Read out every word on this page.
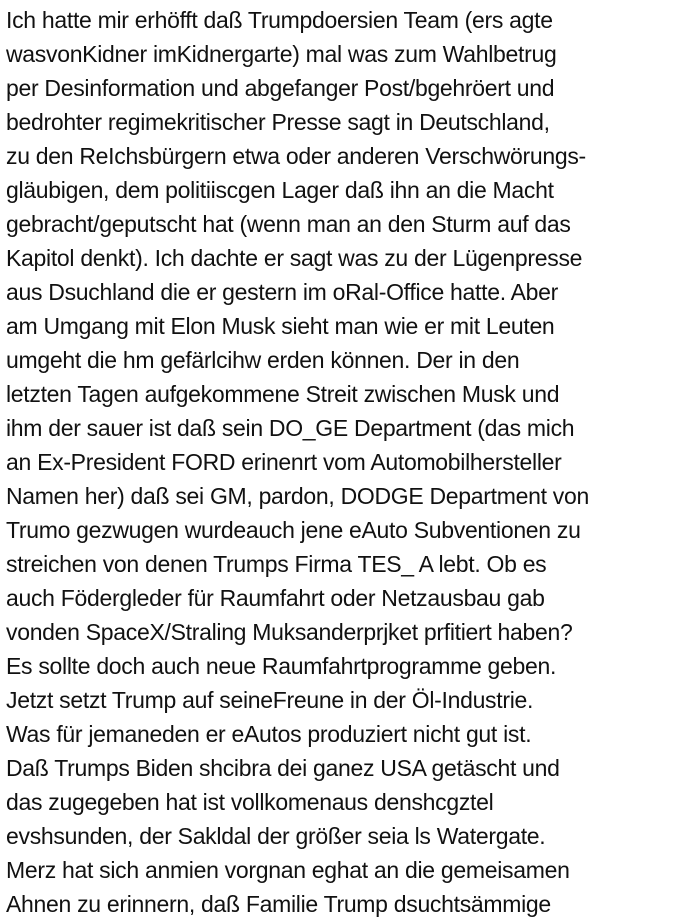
Ich hatte mir erhöfft daß Trumpdoersien Team (ers agte
wasvonKidner imKidnergarte) mal was zum Wahlbetrug
per Desinformation und abgefanger Post/bgehröert und
bedrohter regimekritischer Presse sagt in Deutschland,
zu den ReIchsbürgern etwa oder anderen Verschwörungs-
gläubigen, dem politiiscgen Lager daß ihn an die Macht
gebracht/geputscht hat (wenn man an den Sturm auf das
Kapitol denkt). Ich dachte er sagt was zu der Lügenpresse
aus Dsuchland die er gestern im oRal-Office hatte. Aber
am Umgang mit Elon Musk sieht man wie er mit Leuten
umgeht die hm gefärlcihw erden können. Der in den
letzten Tagen aufgekommene Streit zwischen Musk und
ihm der sauer ist daß sein DO_GE Department (das mich
an Ex-President FORD erinenrt vom Automobilhersteller
Namen her) daß sei GM, pardon, DODGE Department von
Trumo gezwugen wurdeauch jene eAuto Subventionen zu
streichen von denen Trumps Firma TES_ A lebt. Ob es
auch Födergleder für Raumfahrt oder Netzausbau gab
vonden SpaceX/Straling Muksanderprjket prfitiert haben?
Es sollte doch auch neue Raumfahrtprogramme geben.
Jetzt setzt Trump auf seineFreune in der Öl-Industrie.
Was für jemaneden er eAutos produziert nicht gut ist.
Daß Trumps Biden shcibra dei ganez USA getäscht und
das zugegeben hat ist vollkomenaus denshcgztel
evshsunden, der Sakldal der größer seia ls Watergate.
Merz hat sich anmien vorgnan eghat an die gemeisamen
Ahnen zu erinnern, daß Familie Trump dsuchtsämmige
